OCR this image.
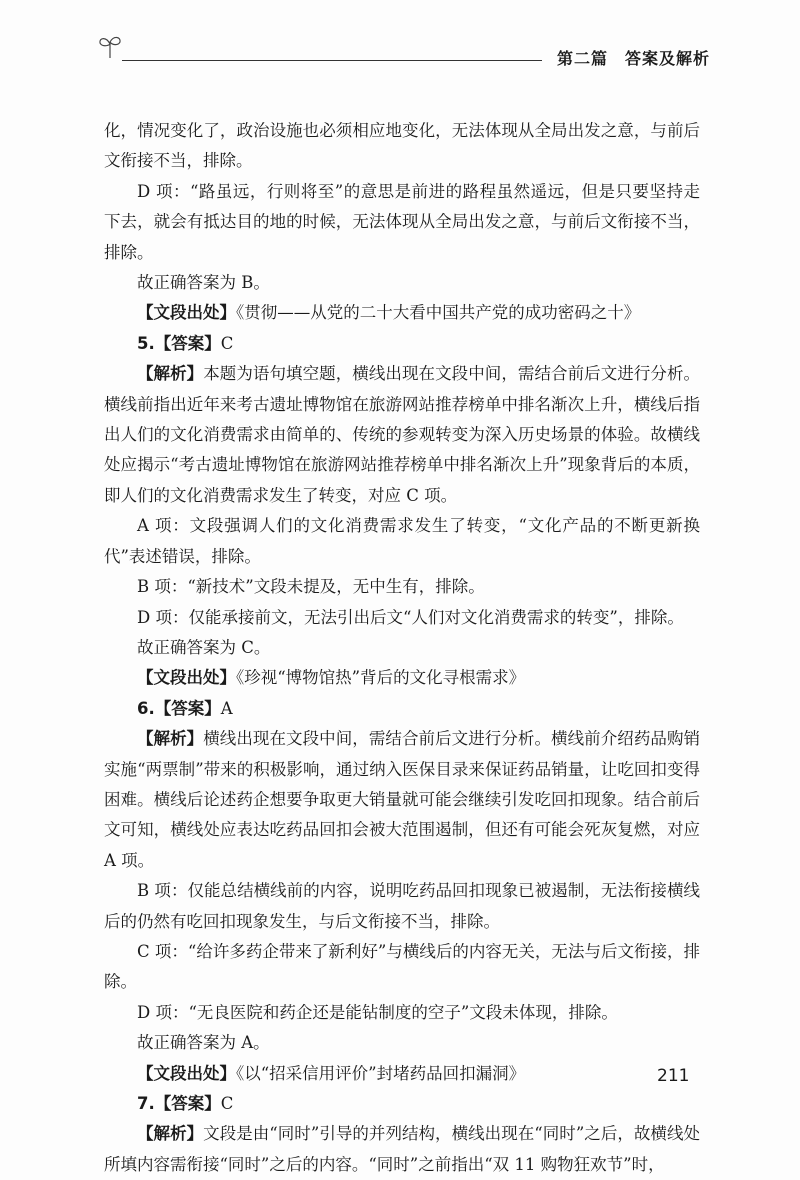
第二篇　答案及解析

化，情况变化了，政治设施也必须相应地变化，无法体现从全局出发之意，与前后文衔接不当，排除。

D 项：“路虽远，行则将至”的意思是前进的路程虽然遥远，但是只要坚持走下去，就会有抵达目的地的时候，无法体现从全局出发之意，与前后文衔接不当，排除。

故正确答案为 B。

【文段出处】《贯彻——从党的二十大看中国共产党的成功密码之十》

5.【答案】C

【解析】本题为语句填空题，横线出现在文段中间，需结合前后文进行分析。横线前指出近年来考古遗址博物馆在旅游网站推荐榜单中排名渐次上升，横线后指出人们的文化消费需求由简单的、传统的参观转变为深入历史场景的体验。故横线处应揭示“考古遗址博物馆在旅游网站推荐榜单中排名渐次上升”现象背后的本质，即人们的文化消费需求发生了转变，对应 C 项。

A 项：文段强调人们的文化消费需求发生了转变，“文化产品的不断更新换代”表述错误，排除。

B 项：“新技术”文段未提及，无中生有，排除。

D 项：仅能承接前文，无法引出后文“人们对文化消费需求的转变”，排除。

故正确答案为 C。

【文段出处】《珍视“博物馆热”背后的文化寻根需求》

6.【答案】A

【解析】横线出现在文段中间，需结合前后文进行分析。横线前介绍药品购销实施“两票制”带来的积极影响，通过纳入医保目录来保证药品销量，让吃回扣变得困难。横线后论述药企想要争取更大销量就可能会继续引发吃回扣现象。结合前后文可知，横线处应表达吃药品回扣会被大范围遏制，但还有可能会死灰复燃，对应 A 项。

B 项：仅能总结横线前的内容，说明吃药品回扣现象已被遏制，无法衔接横线后的仍然有吃回扣现象发生，与后文衔接不当，排除。

C 项：“给许多药企带来了新利好”与横线后的内容无关，无法与后文衔接，排除。

D 项：“无良医院和药企还是能钻制度的空子”文段未体现，排除。

故正确答案为 A。

【文段出处】《以“招采信用评价”封堵药品回扣漏洞》

7.【答案】C

【解析】文段是由“同时”引导的并列结构，横线出现在“同时”之后，故横线处所填内容需衔接“同时”之后的内容。“同时”之前指出“双 11 购物狂欢节”时，

211
